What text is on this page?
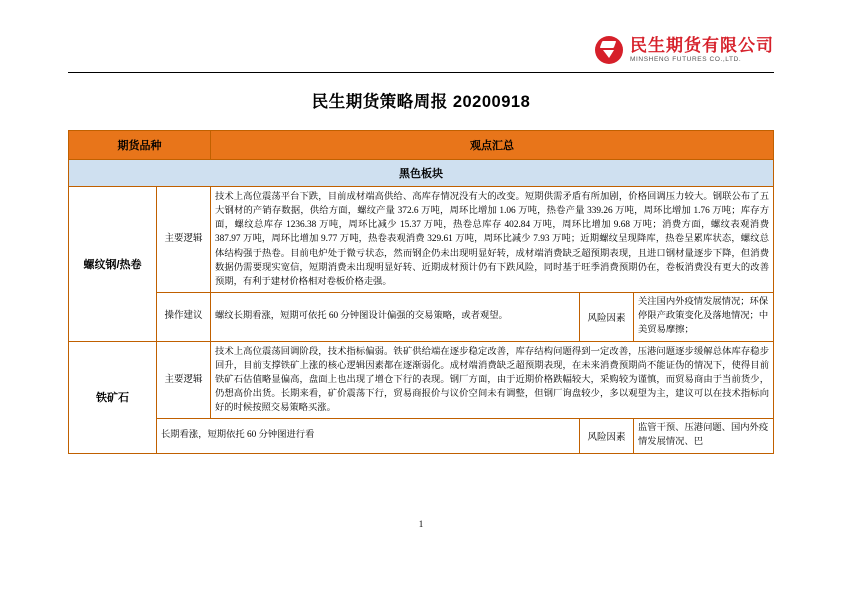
民生期货有限公司
MINSHENG FUTURES CO.,LTD.
民生期货策略周报 20200918
期货品种		观点汇总		
黑色板块				
螺纹钢/热卷	主要逻辑	技术上高位震荡平台下跌，目前成材端高供给、高库存情况没有大的改变。短期供需矛盾有所加剧，价格回调压力较大。钢联公布了五大钢材的产销存数据，供给方面，螺纹产量 372.6 万吨，周环比增加 1.06 万吨，热卷产量 339.26 万吨，周环比增加 1.76 万吨；库存方面，螺纹总库存 1236.38 万吨，周环比减少 15.37 万吨，热卷总库存 402.84 万吨，周环比增加 9.68 万吨；消费方面，螺纹表观消费 387.97 万吨，周环比增加 9.77 万吨，热卷表观消费 329.61 万吨，周环比减少 7.93 万吨；近期螺纹呈现降库，热卷呈累库状态，螺纹总体结构强于热卷。目前电炉处于微亏状态，然而钢企仍未出现明显好转，成材端消费缺乏超预期表现，且进口钢材量逐步下降，但消费数据仍需要现实宽信，短期消费未出现明显好转、近期成材预计仍有下跌风险，同时基于旺季消费预期仍在，卷板消费没有更大的改善预期，有利于建材价格相对卷板价格走强。		
	操作建议	螺纹长期看涨，短期可依托 60 分钟图设计偏强的交易策略，或者观望。	风险因素	关注国内外疫情发展情况；环保停限产政策变化及落地情况；中美贸易摩擦；
铁矿石	主要逻辑	技术上高位震荡回调阶段，技术指标偏弱。铁矿供给端在逐步稳定改善，库存结构问题得到一定改善，压港问题逐步缓解总体库存稳步回升，目前支撑铁矿上涨的核心逻辑因素都在逐渐弱化。成材端消费缺乏超预期表现，在未来消费预期尚不能证伪的情况下，使得目前铁矿石估值略显偏高，盘面上也出现了增仓下行的表现。钢厂方面，由于近期价格跌幅较大，采购较为谨慎，而贸易商由于当前货少，仍想高价出货。长期来看，矿价震荡下行，贸易商报价与议价空间未有调整，但钢厂询盘较少，多以观望为主，建议可以在技术指标向好的时候按照交易策略买涨。		
	长期看涨，短期依托 60 分钟图进行看		风险因素	监管干预、压港问题、国内外疫情发展情况、巴
1
